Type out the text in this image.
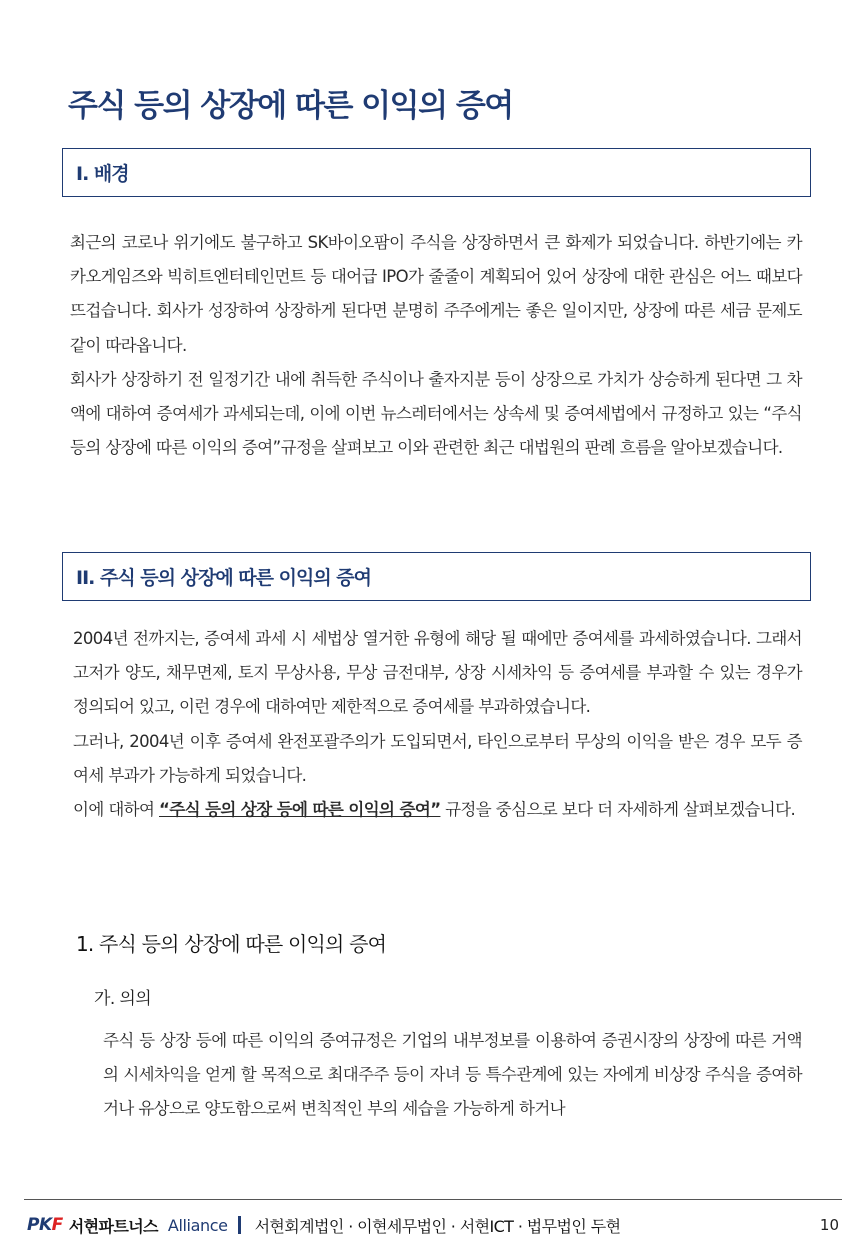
주식 등의 상장에 따른 이익의 증여
I. 배경

최근의 코로나 위기에도 불구하고 SK바이오팜이 주식을 상장하면서 큰 화제가 되었습니다. 하반기에는 카카오게임즈와 빅히트엔터테인먼트 등 대어급 IPO가 줄줄이 계획되어 있어 상장에 대한 관심은 어느 때보다 뜨겁습니다. 회사가 성장하여 상장하게 된다면 분명히 주주에게는 좋은 일이지만, 상장에 따른 세금 문제도 같이 따라옵니다.

회사가 상장하기 전 일정기간 내에 취득한 주식이나 출자지분 등이 상장으로 가치가 상승하게 된다면 그 차액에 대하여 증여세가 과세되는데, 이에 이번 뉴스레터에서는 상속세 및 증여세법에서 규정하고 있는 “주식 등의 상장에 따른 이익의 증여”규정을 살펴보고 이와 관련한 최근 대법원의 판례 흐름을 알아보겠습니다.

II. 주식 등의 상장에 따른 이익의 증여

2004년 전까지는, 증여세 과세 시 세법상 열거한 유형에 해당 될 때에만 증여세를 과세하였습니다. 그래서 고저가 양도, 채무면제, 토지 무상사용, 무상 금전대부, 상장 시세차익 등 증여세를 부과할 수 있는 경우가 정의되어 있고, 이런 경우에 대하여만 제한적으로 증여세를 부과하였습니다.

그러나, 2004년 이후 증여세 완전포괄주의가 도입되면서, 타인으로부터 무상의 이익을 받은 경우 모두 증여세 부과가 가능하게 되었습니다.

이에 대하여 “주식 등의 상장 등에 따른 이익의 증여” 규정을 중심으로 보다 더 자세하게 살펴보겠습니다.

1. 주식 등의 상장에 따른 이익의 증여
가. 의의

주식 등 상장 등에 따른 이익의 증여규정은 기업의 내부정보를 이용하여 증권시장의 상장에 따른 거액의 시세차익을 얻게 할 목적으로 최대주주 등이 자녀 등 특수관계에 있는 자에게 비상장 주식을 증여하거나 유상으로 양도함으로써 변칙적인 부의 세습을 가능하게 하거나

PKF 서현파트너스 Alliance 서현회계법인 · 이현세무법인 · 서현ICT · 법무법인 두현	10
